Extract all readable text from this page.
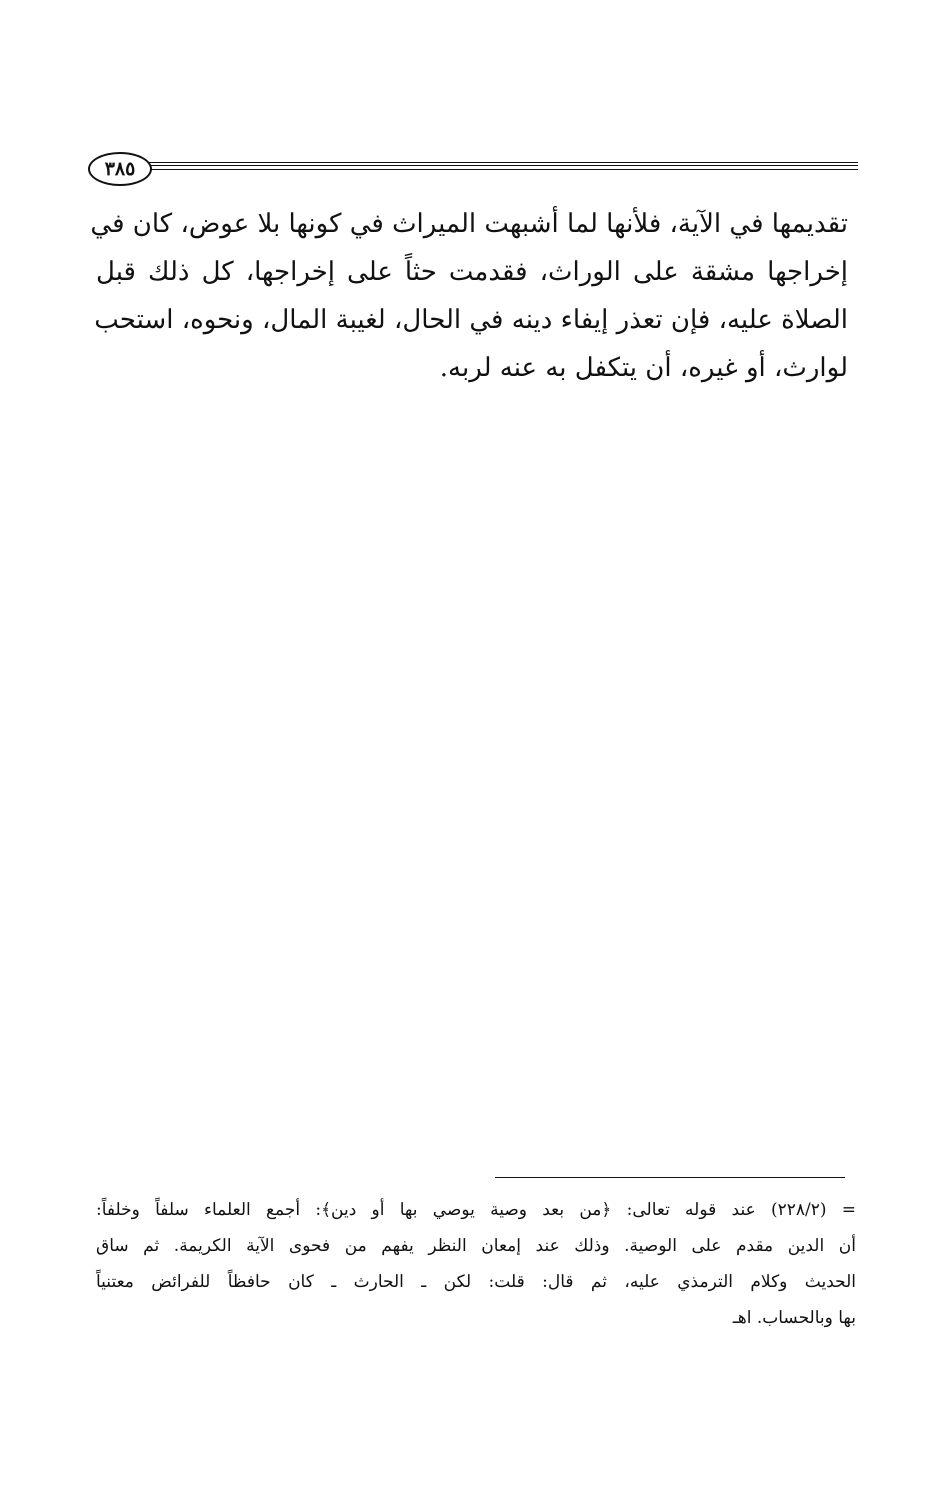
٣٨٥
تقديمها في الآية، فلأنها لما أشبهت الميراث في كونها بلا عوض، كان في
إخراجها مشقة على الوراث، فقدمت حثاً على إخراجها، كل ذلك قبل
الصلاة عليه، فإن تعذر إيفاء دينه في الحال، لغيبة المال، ونحوه، استحب
لوارث، أو غيره، أن يتكفل به عنه لربه.
= (٢٢٨/٢) عند قوله تعالى: ﴿من بعد وصية يوصي بها أو دين﴾: أجمع العلماء سلفاً وخلفاً:
أن الدين مقدم على الوصية. وذلك عند إمعان النظر يفهم من فحوى الآية الكريمة. ثم ساق
الحديث وكلام الترمذي عليه، ثم قال: قلت: لكن ـ الحارث ـ كان حافظاً للفرائض معتنياً
بها وبالحساب. اهـ
